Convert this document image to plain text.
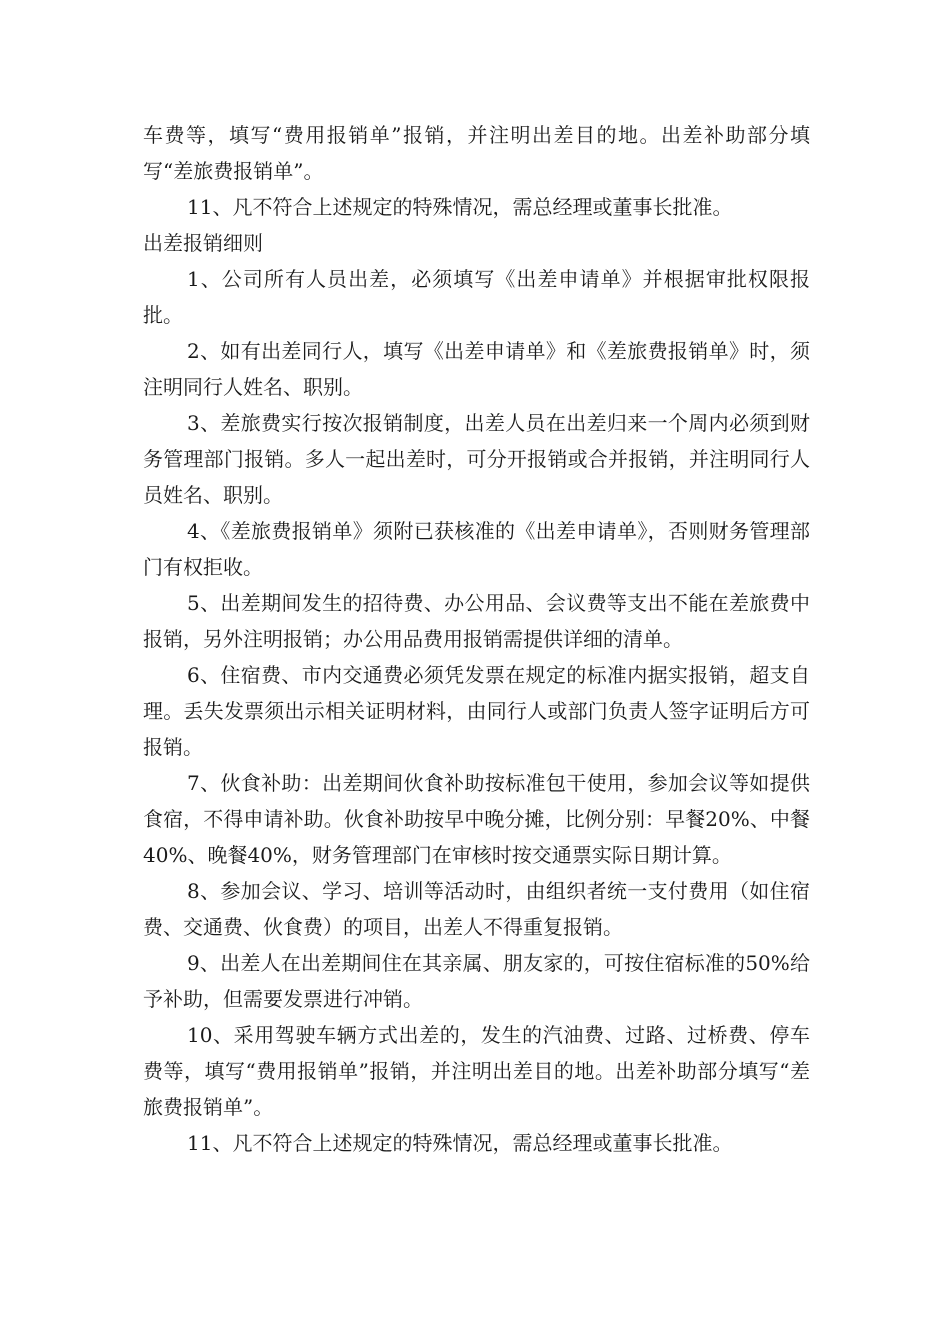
车费等，填写“费用报销单”报销，并注明出差目的地。出差补助部分填写“差旅费报销单”。

11、凡不符合上述规定的特殊情况，需总经理或董事长批准。

出差报销细则

1、公司所有人员出差，必须填写《出差申请单》并根据审批权限报批。

2、如有出差同行人，填写《出差申请单》和《差旅费报销单》时，须注明同行人姓名、职别。

3、差旅费实行按次报销制度，出差人员在出差归来一个周内必须到财务管理部门报销。多人一起出差时，可分开报销或合并报销，并注明同行人员姓名、职别。

4、《差旅费报销单》须附已获核准的《出差申请单》，否则财务管理部门有权拒收。

5、出差期间发生的招待费、办公用品、会议费等支出不能在差旅费中报销，另外注明报销；办公用品费用报销需提供详细的清单。

6、住宿费、市内交通费必须凭发票在规定的标准内据实报销，超支自理。丢失发票须出示相关证明材料，由同行人或部门负责人签字证明后方可报销。

7、伙食补助：出差期间伙食补助按标准包干使用，参加会议等如提供食宿，不得申请补助。伙食补助按早中晚分摊，比例分别：早餐20%、中餐40%、晚餐40%，财务管理部门在审核时按交通票实际日期计算。

8、参加会议、学习、培训等活动时，由组织者统一支付费用（如住宿费、交通费、伙食费）的项目，出差人不得重复报销。

9、出差人在出差期间住在其亲属、朋友家的，可按住宿标准的50%给予补助，但需要发票进行冲销。

10、采用驾驶车辆方式出差的，发生的汽油费、过路、过桥费、停车费等，填写“费用报销单”报销，并注明出差目的地。出差补助部分填写“差旅费报销单”。

11、凡不符合上述规定的特殊情况，需总经理或董事长批准。
